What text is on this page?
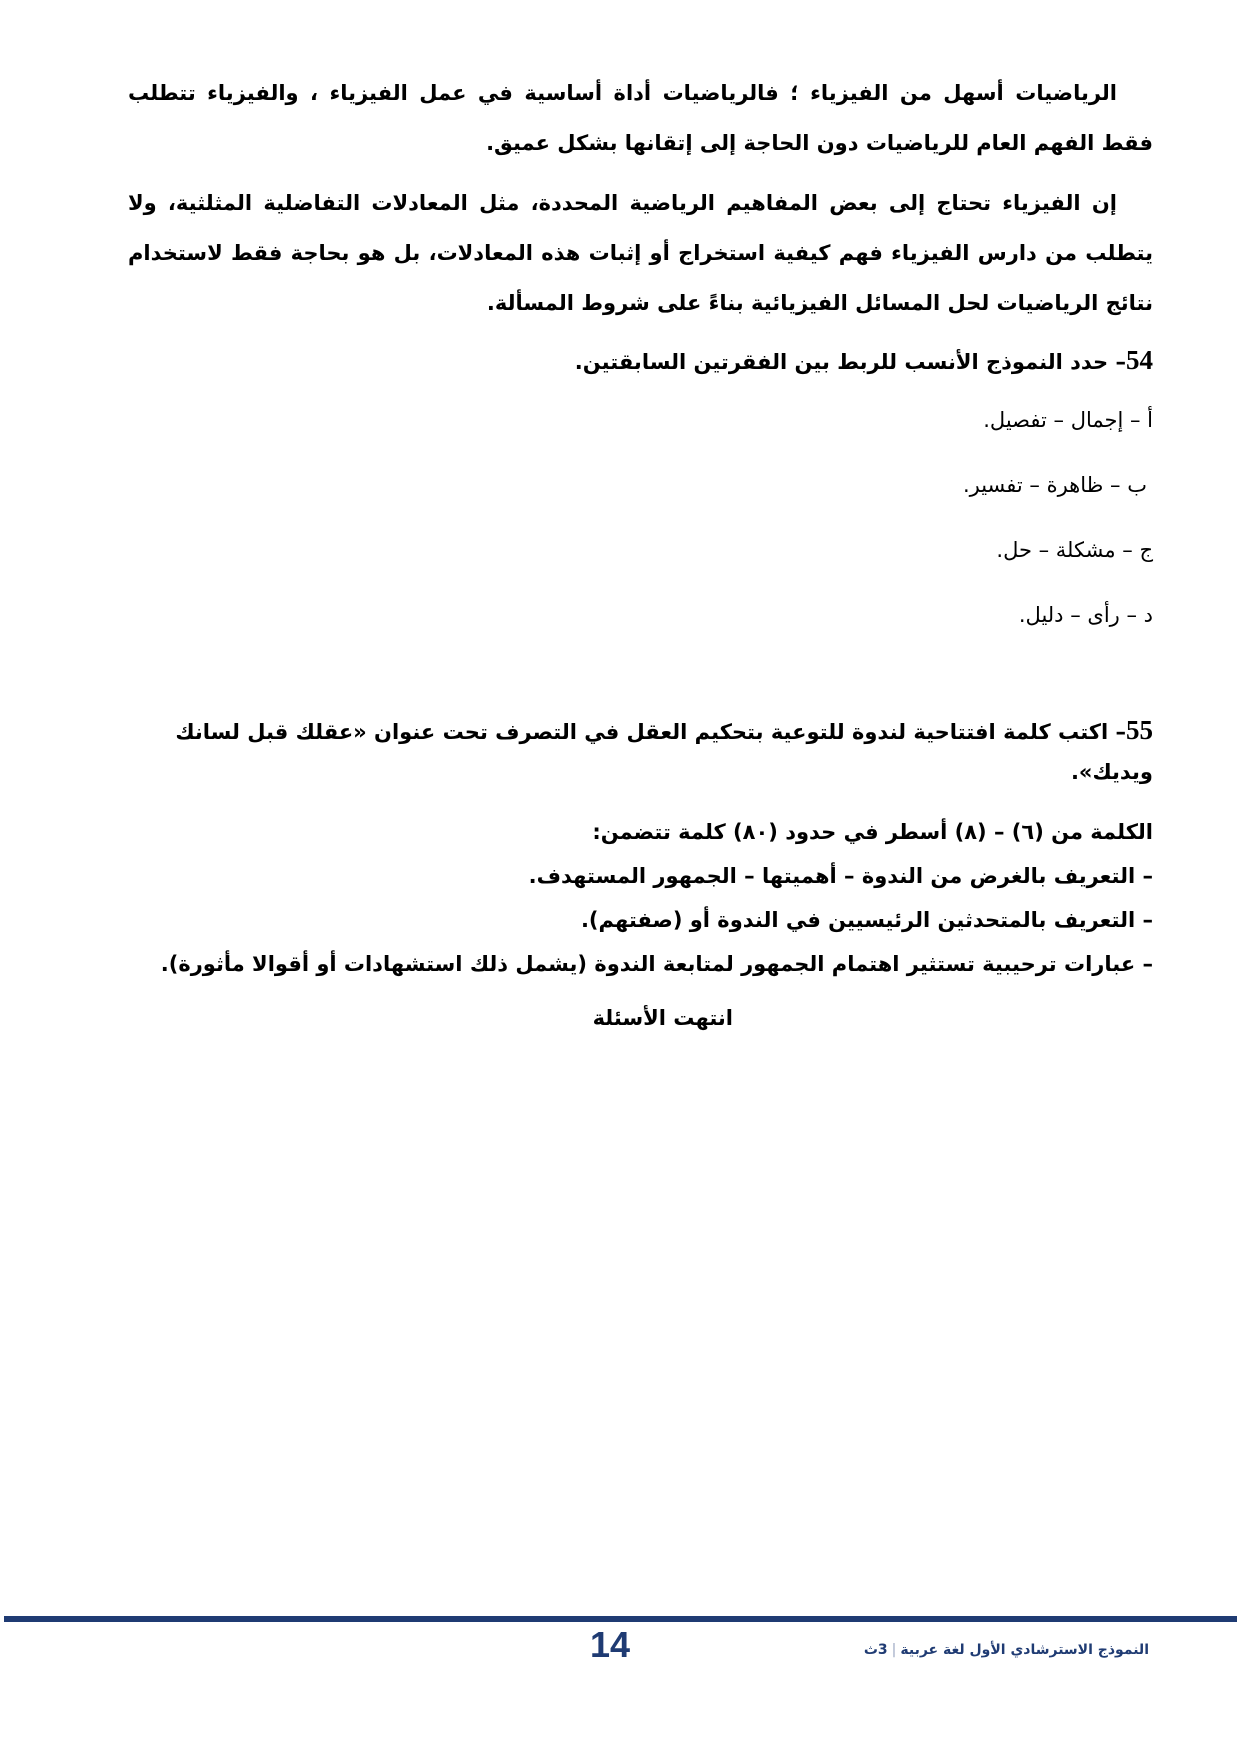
الرياضيات أسهل من الفيزياء ؛ فالرياضيات أداة أساسية في عمل الفيزياء ، والفيزياء تتطلب فقط الفهم العام للرياضيات دون الحاجة إلى إتقانها بشكل عميق.

إن الفيزياء تحتاج إلى بعض المفاهيم الرياضية المحددة، مثل المعادلات التفاضلية المثلثية، ولا يتطلب من دارس الفيزياء فهم كيفية استخراج أو إثبات هذه المعادلات، بل هو بحاجة فقط لاستخدام نتائج الرياضيات لحل المسائل الفيزيائية بناءً على شروط المسألة.

54– حدد النموذج الأنسب للربط بين الفقرتين السابقتين.
أ – إجمال – تفصيل.
ب – ظاهرة – تفسير.
ج – مشكلة – حل.
د – رأى – دليل.
55– اكتب كلمة افتتاحية لندوة للتوعية بتحكيم العقل في التصرف تحت عنوان «عقلك قبل لسانك ويديك».
الكلمة من (٦) – (٨) أسطر في حدود (٨٠) كلمة تتضمن:
– التعريف بالغرض من الندوة – أهميتها – الجمهور المستهدف.
– التعريف بالمتحدثين الرئيسيين في الندوة أو (صفتهم).
– عبارات ترحيبية تستثير اهتمام الجمهور لمتابعة الندوة (يشمل ذلك استشهادات أو أقوالا مأثورة).
انتهت الأسئلة
14	النموذج الاسترشادي الأول لغة عربية|3ث
